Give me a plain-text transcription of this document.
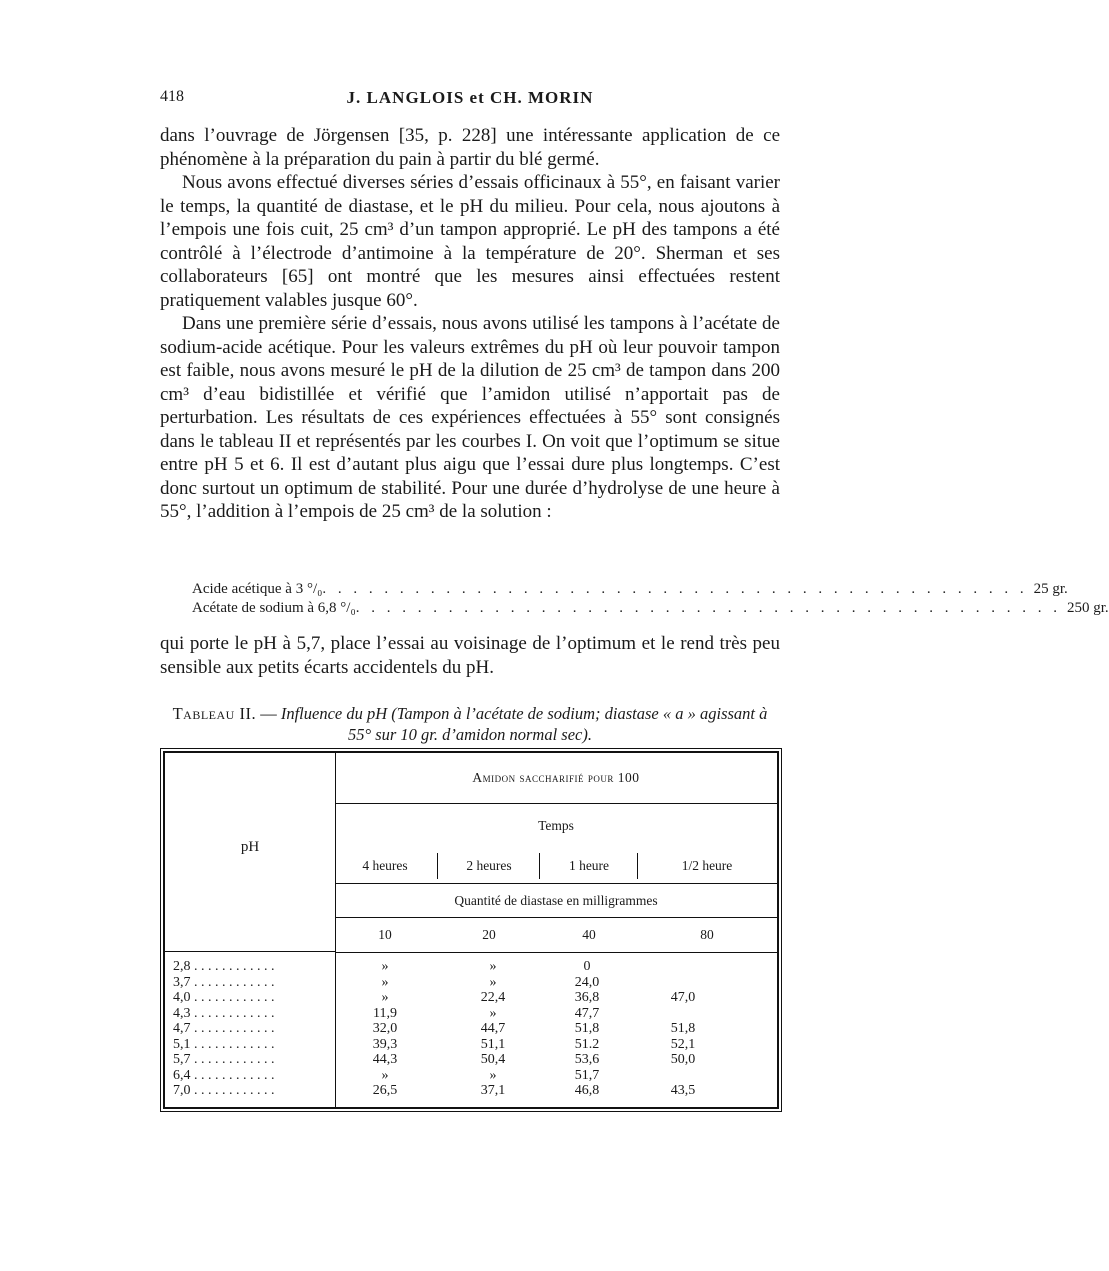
418	J. LANGLOIS et CH. MORIN

dans l’ouvrage de Jörgensen [35, p. 228] une intéressante application de ce phénomène à la préparation du pain à partir du blé germé.

Nous avons effectué diverses séries d’essais officinaux à 55°, en faisant varier le temps, la quantité de diastase, et le pH du milieu. Pour cela, nous ajoutons à l’empois une fois cuit, 25 cm³ d’un tampon approprié. Le pH des tampons a été contrôlé à l’électrode d’antimoine à la température de 20°. Sherman et ses collaborateurs [65] ont montré que les mesures ainsi effectuées restent pratiquement valables jusque 60°.

Dans une première série d’essais, nous avons utilisé les tampons à l’acétate de sodium-acide acétique. Pour les valeurs extrêmes du pH où leur pouvoir tampon est faible, nous avons mesuré le pH de la dilution de 25 cm³ de tampon dans 200 cm³ d’eau bidistillée et vérifié que l’amidon utilisé n’apportait pas de perturbation. Les résultats de ces expériences effectuées à 55° sont consignés dans le tableau II et représentés par les courbes I. On voit que l’optimum se situe entre pH 5 et 6. Il est d’autant plus aigu que l’essai dure plus longtemps. C’est donc surtout un optimum de stabilité. Pour une durée d’hydrolyse de une heure à 55°, l’addition à l’empois de 25 cm³ de la solution :

Acide acétique à 3 °/₀ . . . . . . . . . . . . . . . . . . . . . . . . . . . . . . . . . . . . . . . . . . . . . . 25 gr.
Acétate de sodium à 6,8 °/₀ . . . . . . . . . . . . . . . . . . . . . . . . . . . . . . . . . . . . . . . . . . . . . . 250 gr.
qui porte le pH à 5,7, place l’essai au voisinage de l’optimum et le rend très peu sensible aux petits écarts accidentels du pH.
Tableau II. — Influence du pH (Tampon à l’acétate de sodium; diastase « a » agissant à 55° sur 10 gr. d’amidon normal sec).
pH
Amidon saccharifié pour 100
Temps
4 heures	2 heures	1 heure	1/2 heure
Quantité de diastase en milligrammes
10	20	40	80
2,8 . . . . . . . . . . . .	»	»	0
3,7 . . . . . . . . . . . .	»	»	24,0
4,0 . . . . . . . . . . . .	»	22,4	36,8	47,0
4,3 . . . . . . . . . . . .	11,9	»	47,7
4,7 . . . . . . . . . . . .	32,0	44,7	51,8	51,8
5,1 . . . . . . . . . . . .	39,3	51,1	51.2	52,1
5,7 . . . . . . . . . . . .	44,3	50,4	53,6	50,0
6,4 . . . . . . . . . . . .	»	»	51,7
7,0 . . . . . . . . . . . .	26,5	37,1	46,8	43,5
